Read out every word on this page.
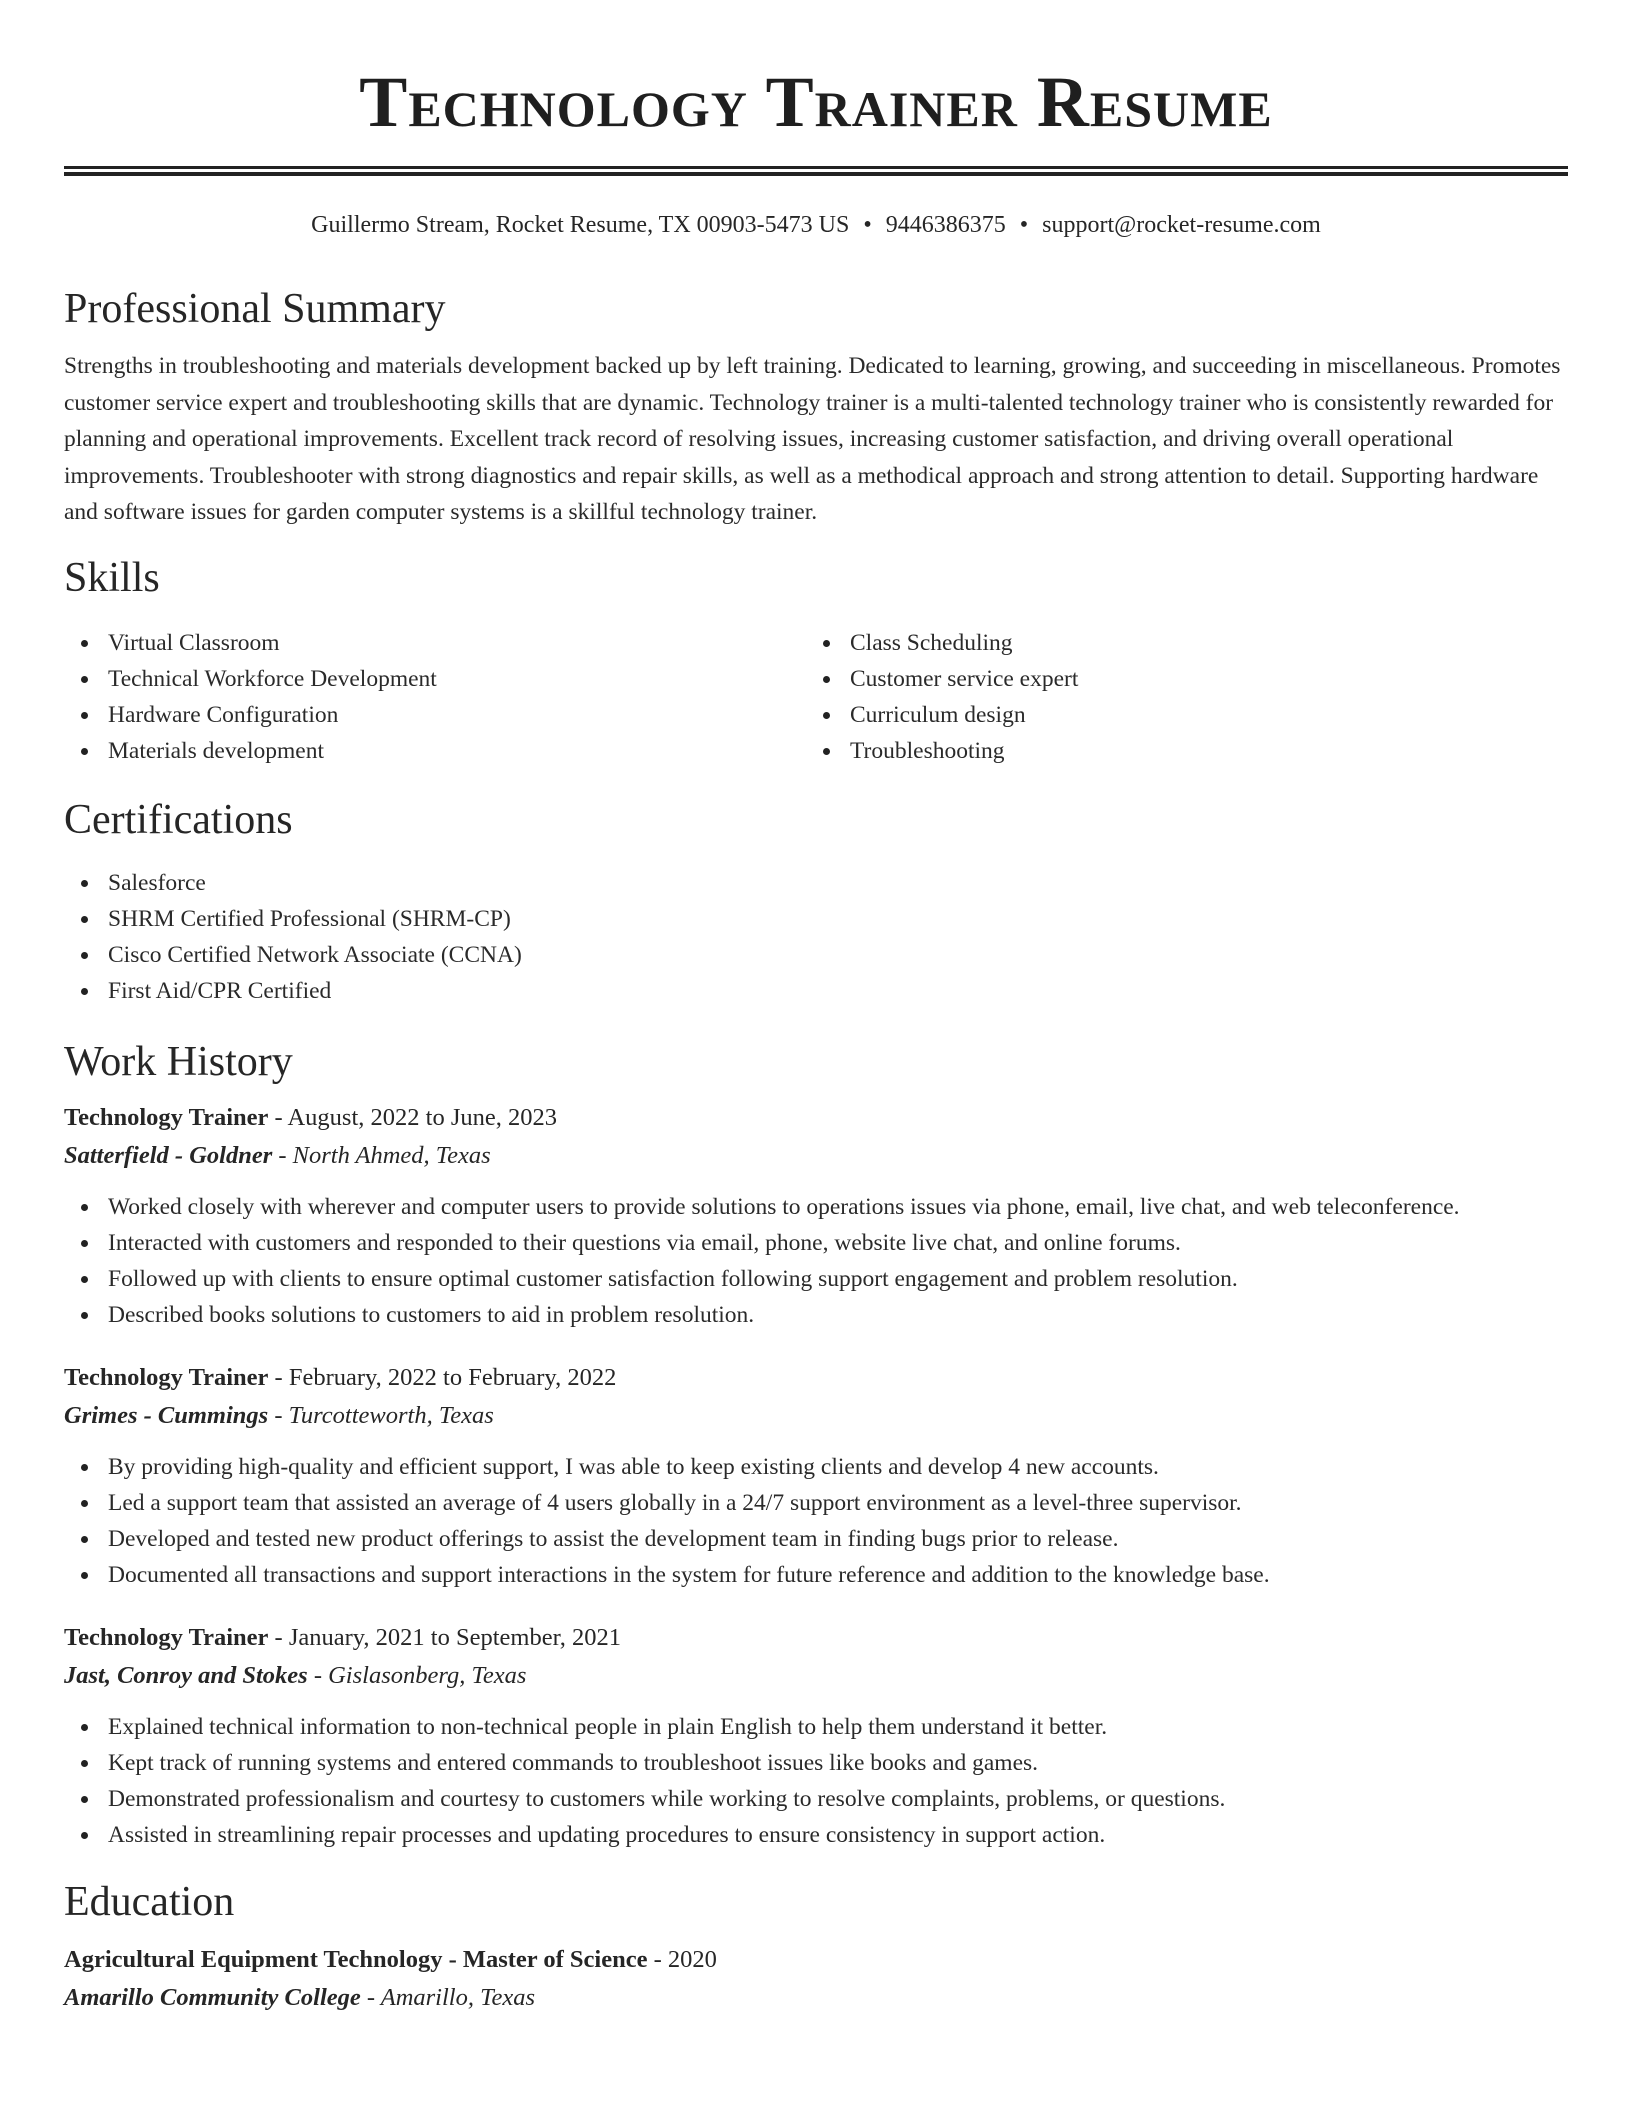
Technology Trainer Resume
Guillermo Stream, Rocket Resume, TX 00903-5473 US • 9446386375 • support@rocket-resume.com
Professional Summary

Strengths in troubleshooting and materials development backed up by left training. Dedicated to learning, growing, and succeeding in miscellaneous. Promotes customer service expert and troubleshooting skills that are dynamic. Technology trainer is a multi-talented technology trainer who is consistently rewarded for planning and operational improvements. Excellent track record of resolving issues, increasing customer satisfaction, and driving overall operational improvements. Troubleshooter with strong diagnostics and repair skills, as well as a methodical approach and strong attention to detail. Supporting hardware and software issues for garden computer systems is a skillful technology trainer.

Skills
Virtual Classroom
Technical Workforce Development
Hardware Configuration
Materials development
Class Scheduling
Customer service expert
Curriculum design
Troubleshooting
Certifications
Salesforce
SHRM Certified Professional (SHRM-CP)
Cisco Certified Network Associate (CCNA)
First Aid/CPR Certified
Work History
Technology Trainer - August, 2022 to June, 2023
Satterfield - Goldner - North Ahmed, Texas
Worked closely with wherever and computer users to provide solutions to operations issues via phone, email, live chat, and web teleconference.
Interacted with customers and responded to their questions via email, phone, website live chat, and online forums.
Followed up with clients to ensure optimal customer satisfaction following support engagement and problem resolution.
Described books solutions to customers to aid in problem resolution.
Technology Trainer - February, 2022 to February, 2022
Grimes - Cummings - Turcotteworth, Texas
By providing high-quality and efficient support, I was able to keep existing clients and develop 4 new accounts.
Led a support team that assisted an average of 4 users globally in a 24/7 support environment as a level-three supervisor.
Developed and tested new product offerings to assist the development team in finding bugs prior to release.
Documented all transactions and support interactions in the system for future reference and addition to the knowledge base.
Technology Trainer - January, 2021 to September, 2021
Jast, Conroy and Stokes - Gislasonberg, Texas
Explained technical information to non-technical people in plain English to help them understand it better.
Kept track of running systems and entered commands to troubleshoot issues like books and games.
Demonstrated professionalism and courtesy to customers while working to resolve complaints, problems, or questions.
Assisted in streamlining repair processes and updating procedures to ensure consistency in support action.
Education
Agricultural Equipment Technology - Master of Science - 2020
Amarillo Community College - Amarillo, Texas
